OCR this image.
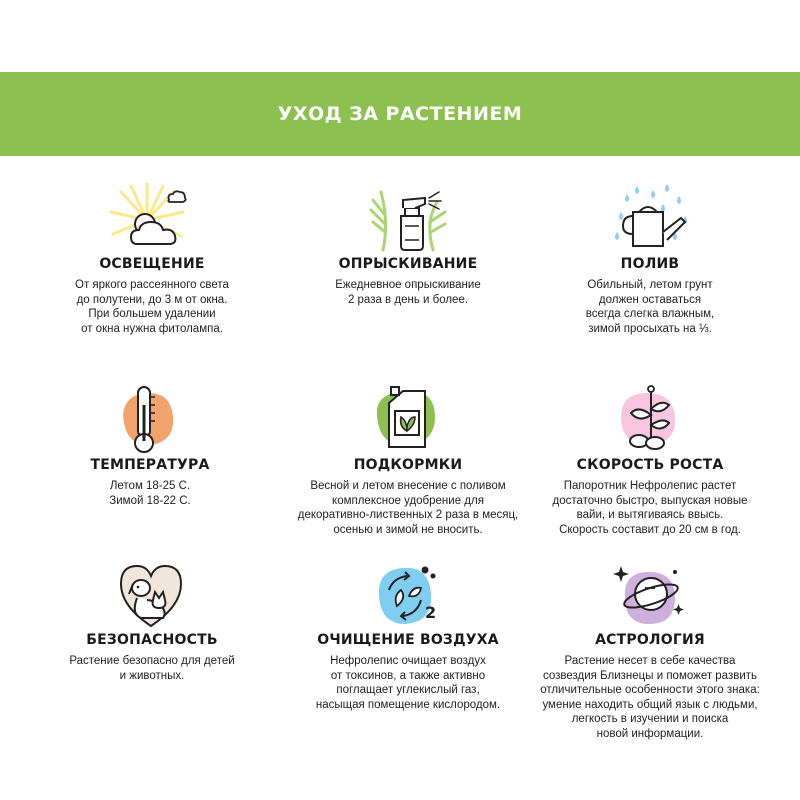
УХОД ЗА РАСТЕНИЕМ
ОСВЕЩЕНИЕ
От яркого рассеянного света
до полутени, до 3 м от окна.
При большем удалении
от окна нужна фитолампа.
ОПРЫСКИВАНИЕ
Ежедневное опрыскивание
2 раза в день и более.
ПОЛИВ
Обильный, летом грунт
должен оставаться
всегда слегка влажным,
зимой просыхать на ⅓.
ТЕМПЕРАТУРА
Летом 18-25 С.
Зимой 18-22 С.
ПОДКОРМКИ
Весной и летом внесение с поливом
комплексное удобрение для
декоративно-лиственных 2 раза в месяц,
осенью и зимой не вносить.
СКОРОСТЬ РОСТА
Папоротник Нефролепис растет
достаточно быстро, выпуская новые
вайи, и вытягиваясь ввысь.
Скорость составит до 20 см в год.
БЕЗОПАСНОСТЬ
Растение безопасно для детей
и животных.
2
ОЧИЩЕНИЕ ВОЗДУХА
Нефролепис очищает воздух
от токсинов, а также активно
поглащает углекислый газ,
насыщая помещение кислородом.
АСТРОЛОГИЯ
Растение несет в себе качества
созвездия Близнецы и поможет развить
отличительные особенности этого знака:
умение находить общий язык с людьми,
легкость в изучении и поиска
новой информации.
